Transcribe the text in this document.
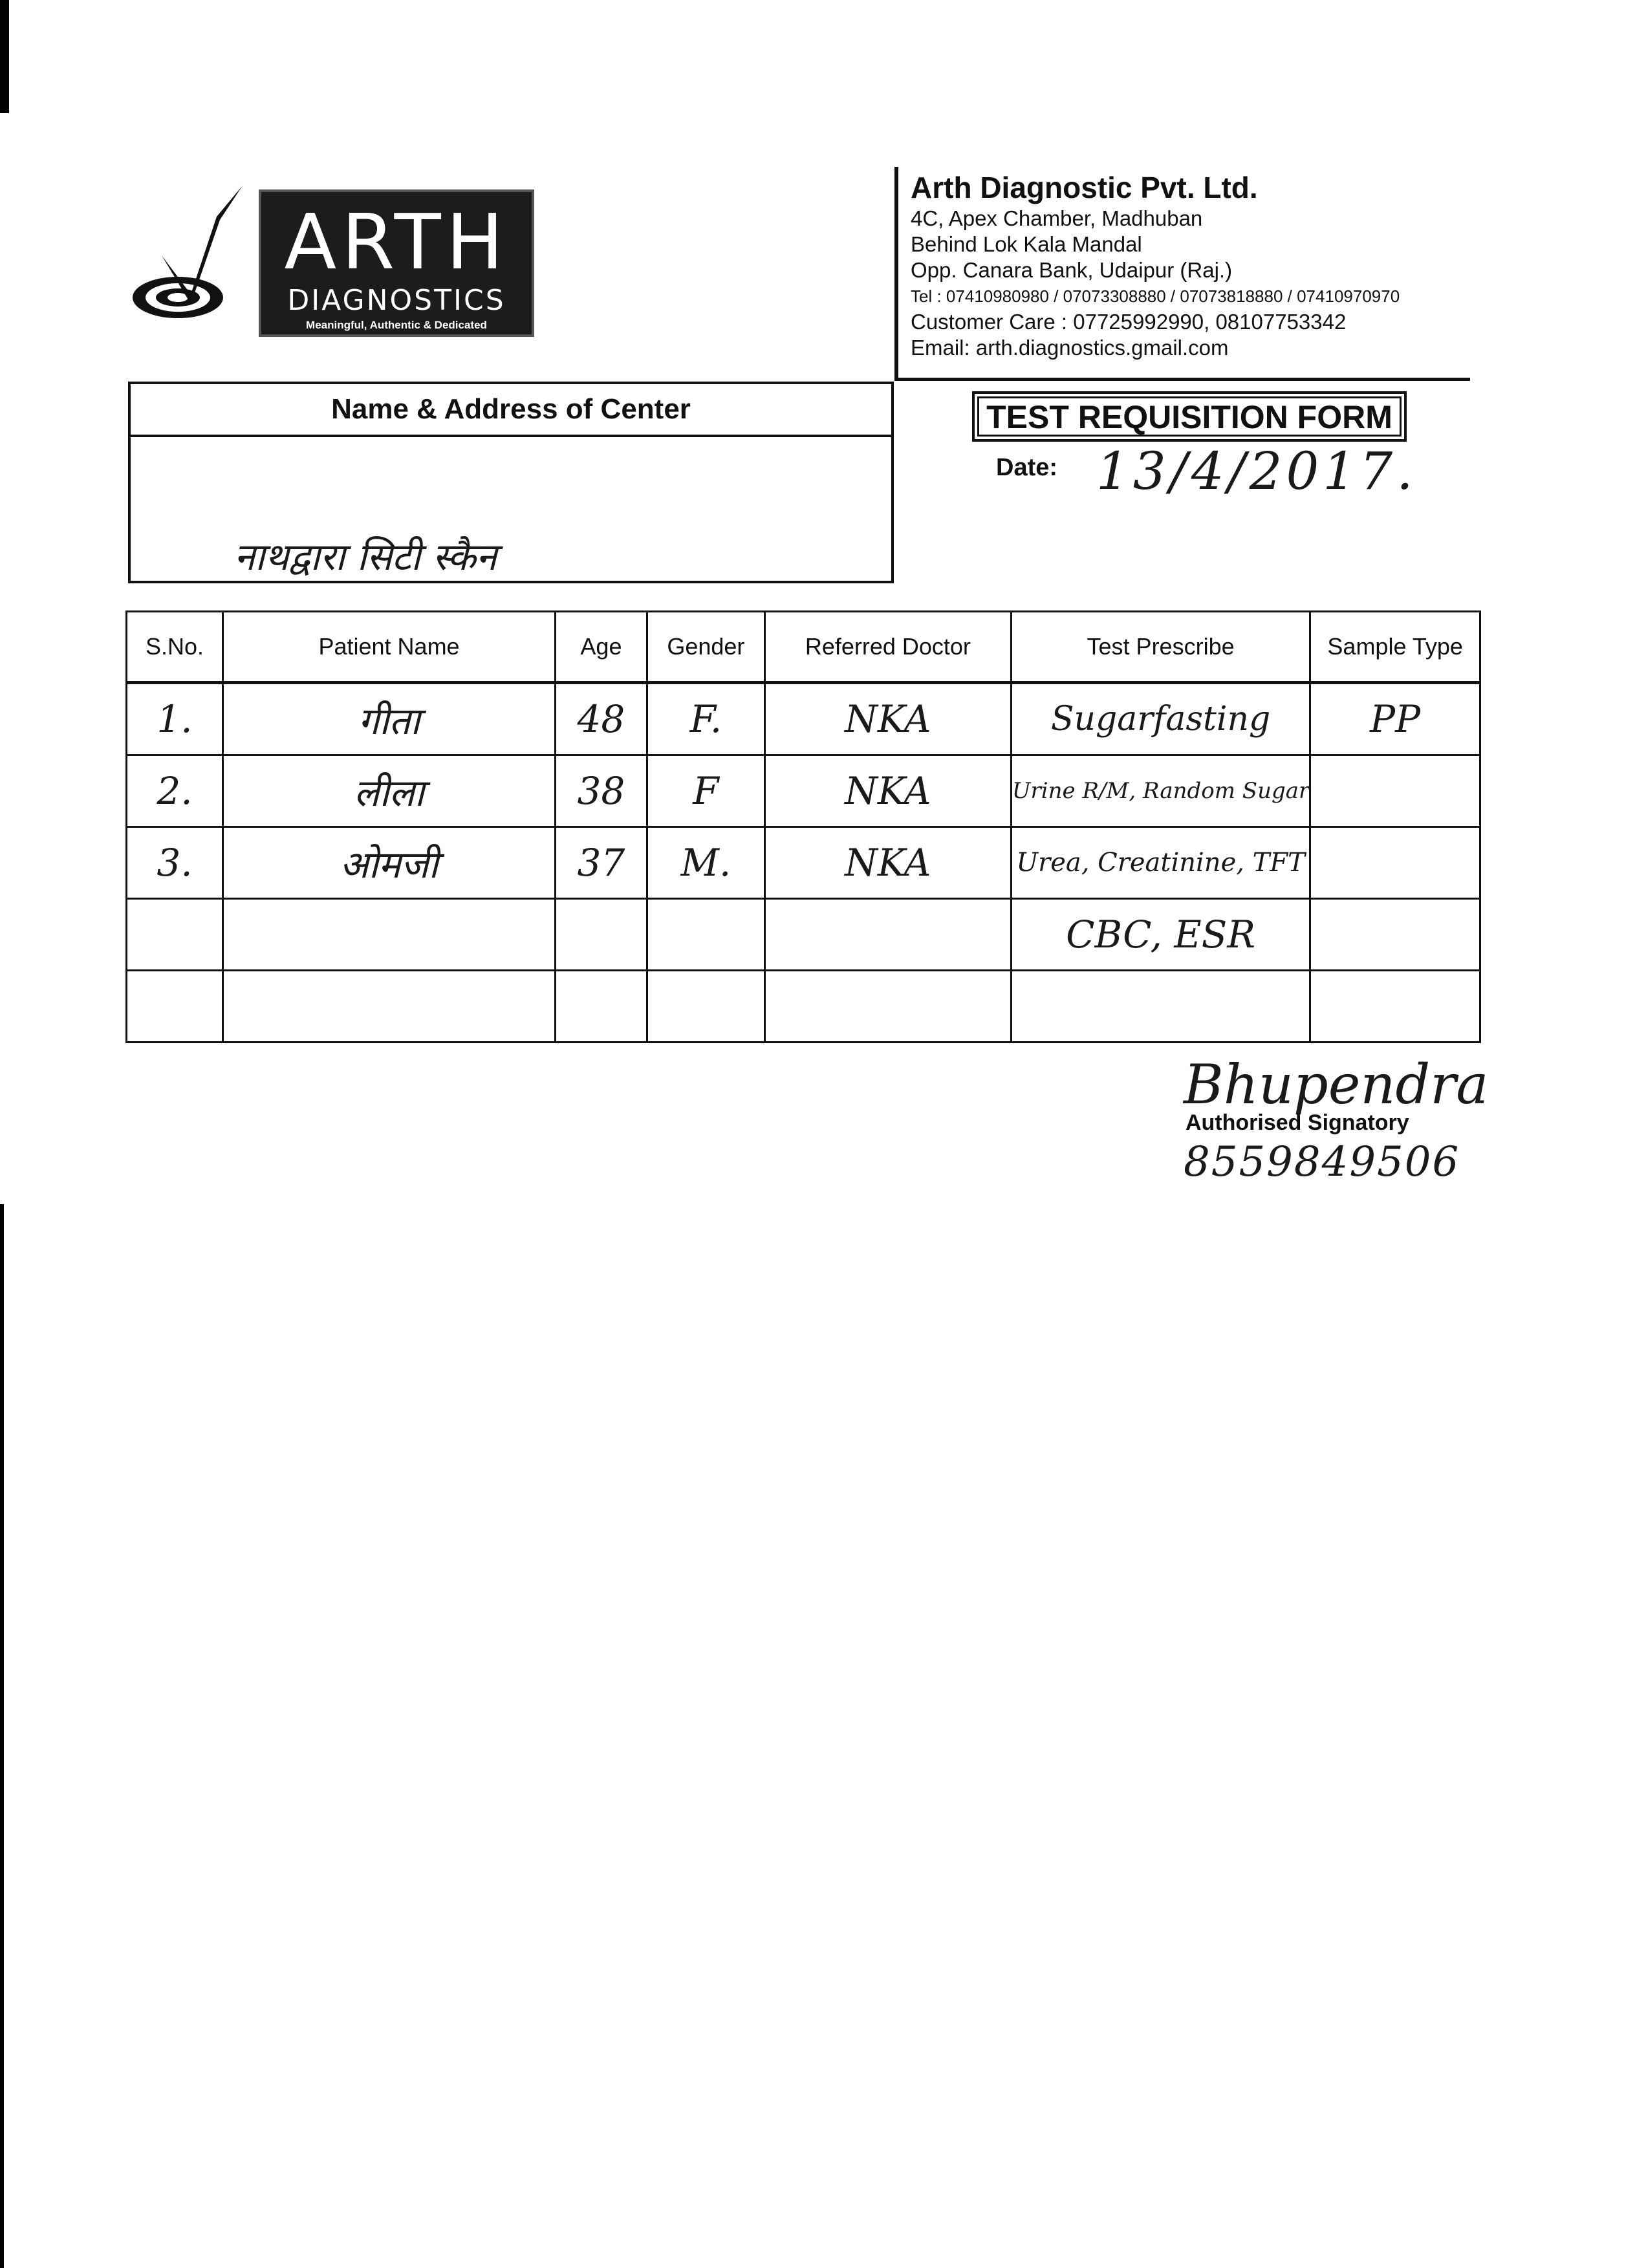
ARTH
DIAGNOSTICS
Meaningful, Authentic & Dedicated
Arth Diagnostic Pvt. Ltd.
4C, Apex Chamber, Madhuban
Behind Lok Kala Mandal
Opp. Canara Bank, Udaipur (Raj.)
Tel : 07410980980 / 07073308880 / 07073818880 / 07410970970
Customer Care : 07725992990, 08107753342
Email: arth.diagnostics.gmail.com
Name & Address of Center
नाथद्वारा सिटी स्कैन
TEST REQUISITION FORM
Date: 13/4/2017.
S.No.	Patient Name	Age	Gender	Referred Doctor	Test Prescribe	Sample Type
1.	गीता	48	F.	NKA	Sugarfasting	PP
2.	लीला	38	F	NKA	Urine R/M, Random Sugar	
3.	ओमजी	37	M.	NKA	Urea, Creatinine, TFT	
					CBC, ESR	

Bhupendra
Authorised Signatory
8559849506
